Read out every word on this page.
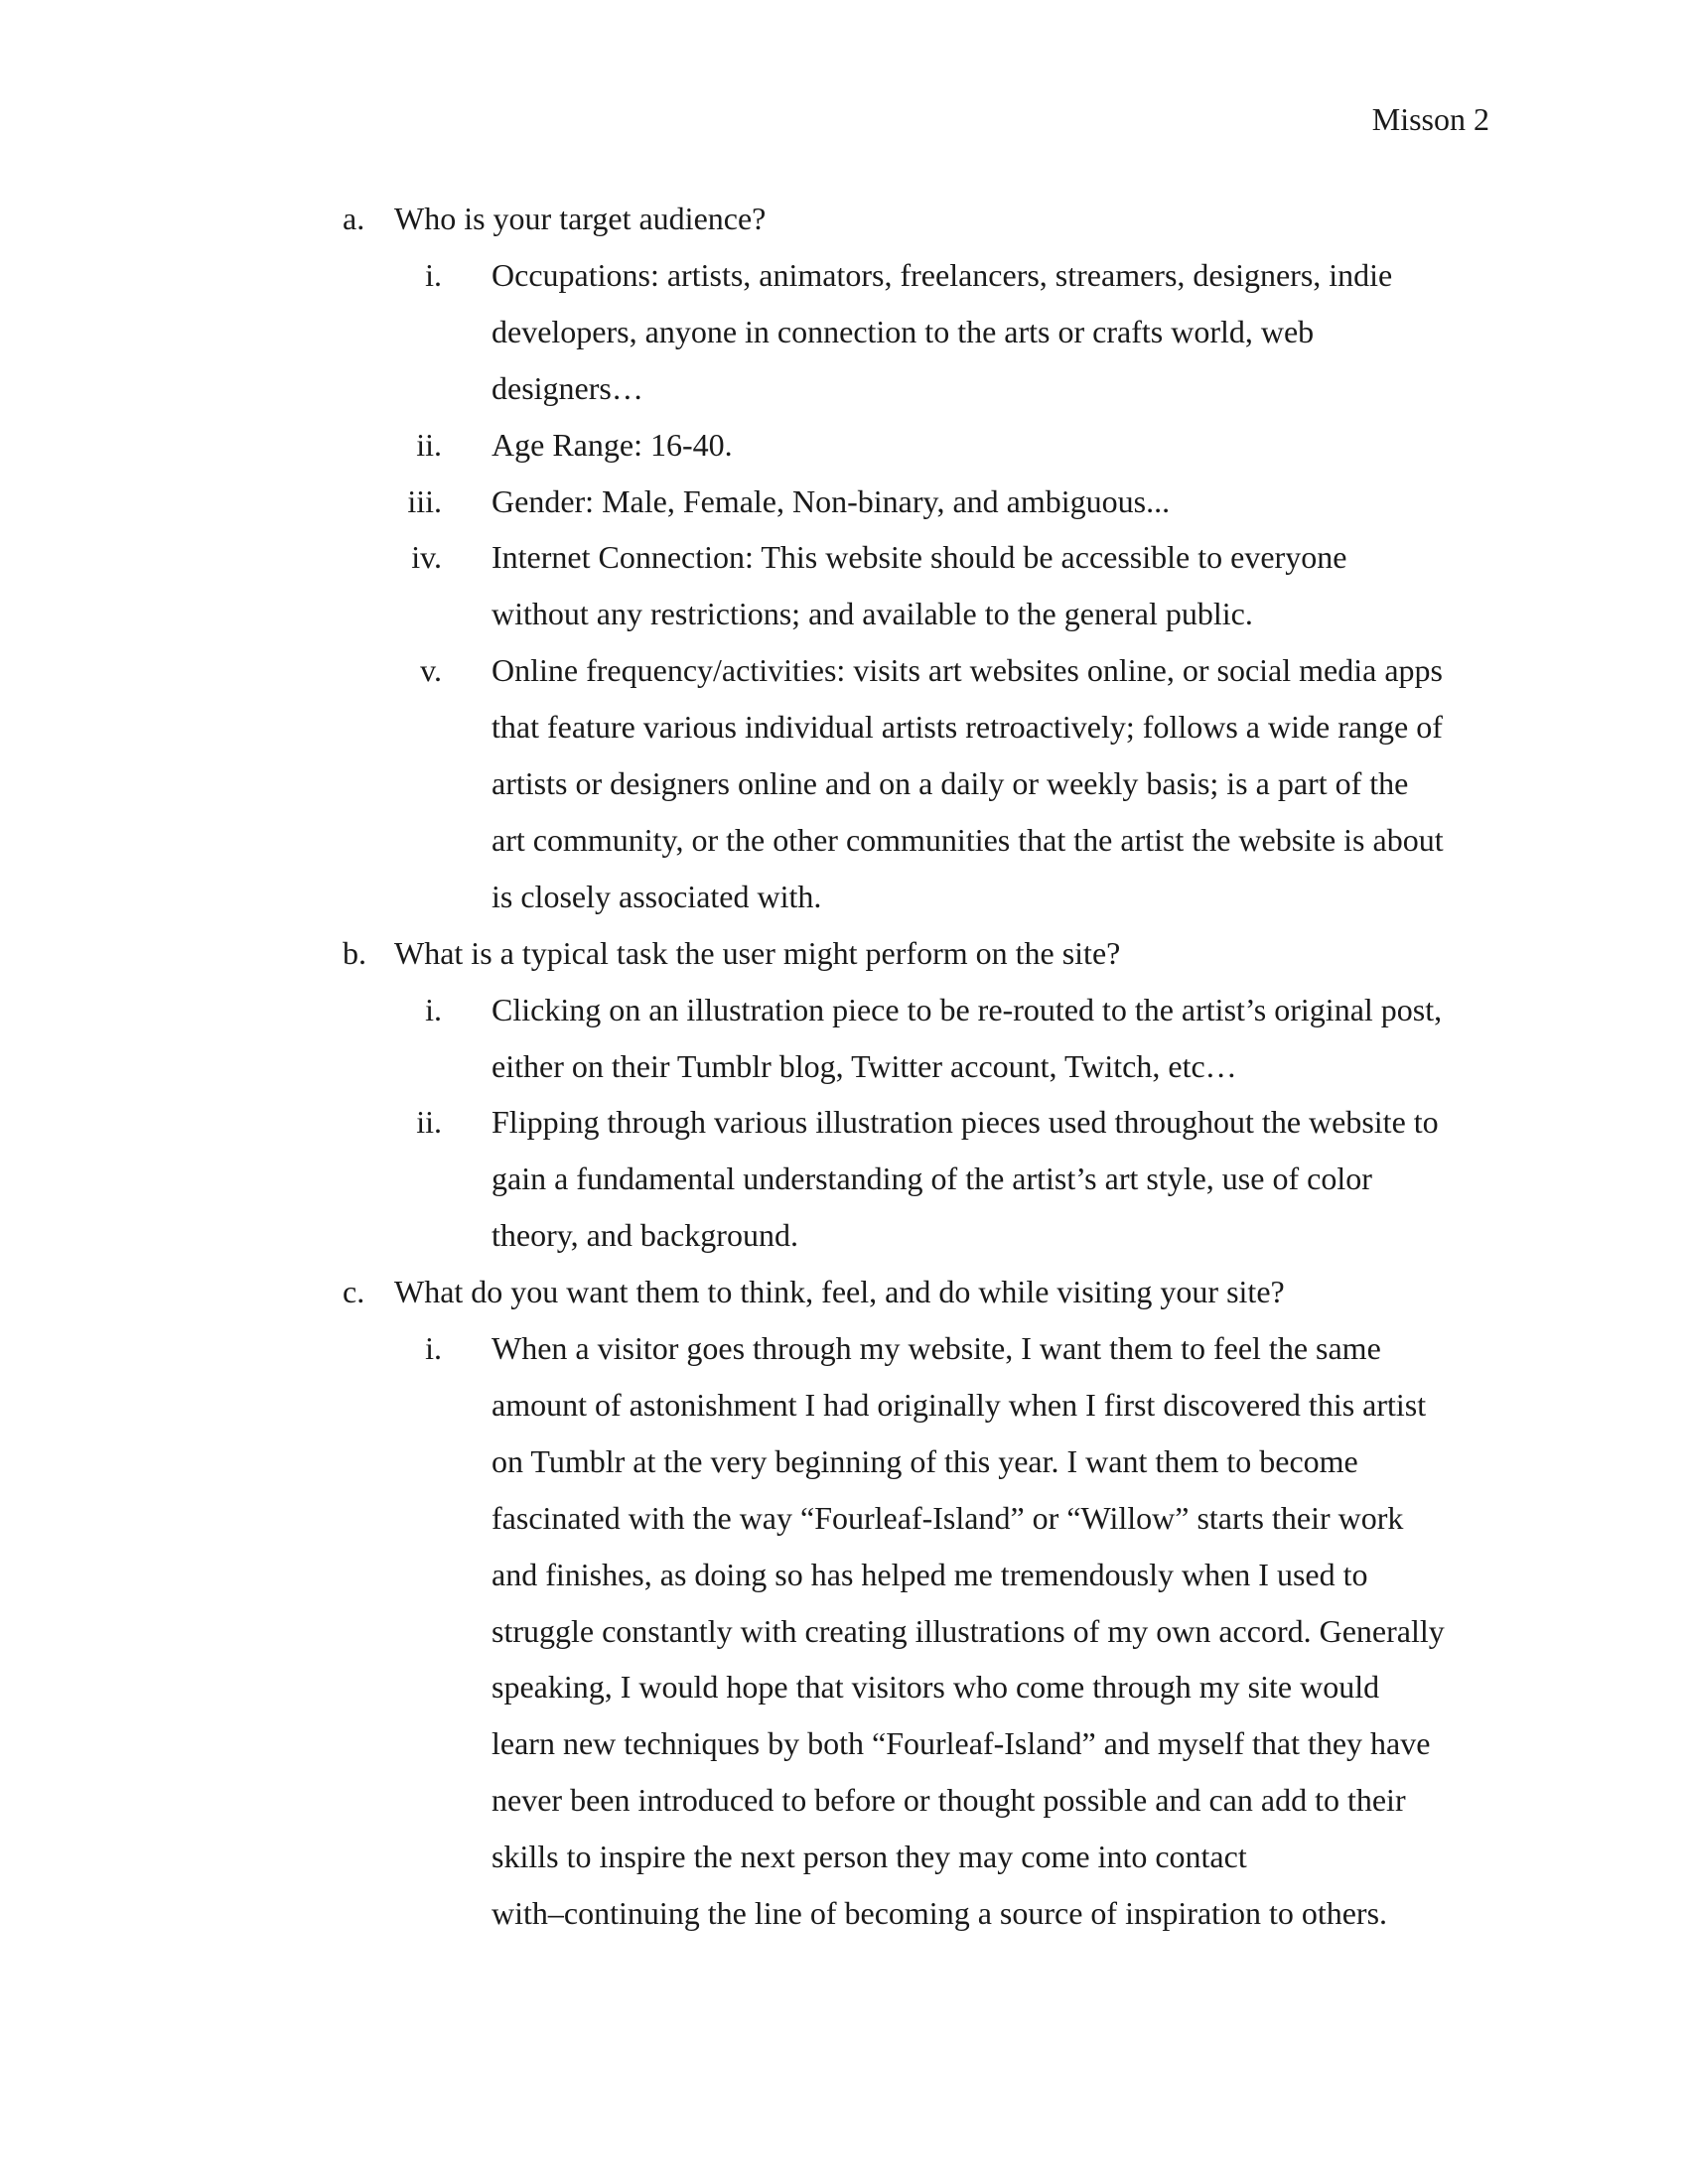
Misson 2
a. Who is your target audience?
i. Occupations: artists, animators, freelancers, streamers, designers, indie
developers, anyone in connection to the arts or crafts world, web
designers…
ii. Age Range: 16-40.
iii. Gender: Male, Female, Non-binary, and ambiguous...
iv. Internet Connection: This website should be accessible to everyone
without any restrictions; and available to the general public.
v. Online frequency/activities: visits art websites online, or social media apps
that feature various individual artists retroactively; follows a wide range of
artists or designers online and on a daily or weekly basis; is a part of the
art community, or the other communities that the artist the website is about
is closely associated with.
b. What is a typical task the user might perform on the site?
i. Clicking on an illustration piece to be re-routed to the artist’s original post,
either on their Tumblr blog, Twitter account, Twitch, etc…
ii. Flipping through various illustration pieces used throughout the website to
gain a fundamental understanding of the artist’s art style, use of color
theory, and background.
c. What do you want them to think, feel, and do while visiting your site?
i. When a visitor goes through my website, I want them to feel the same
amount of astonishment I had originally when I first discovered this artist
on Tumblr at the very beginning of this year. I want them to become
fascinated with the way “Fourleaf-Island” or “Willow” starts their work
and finishes, as doing so has helped me tremendously when I used to
struggle constantly with creating illustrations of my own accord. Generally
speaking, I would hope that visitors who come through my site would
learn new techniques by both “Fourleaf-Island” and myself that they have
never been introduced to before or thought possible and can add to their
skills to inspire the next person they may come into contact
with–continuing the line of becoming a source of inspiration to others.
